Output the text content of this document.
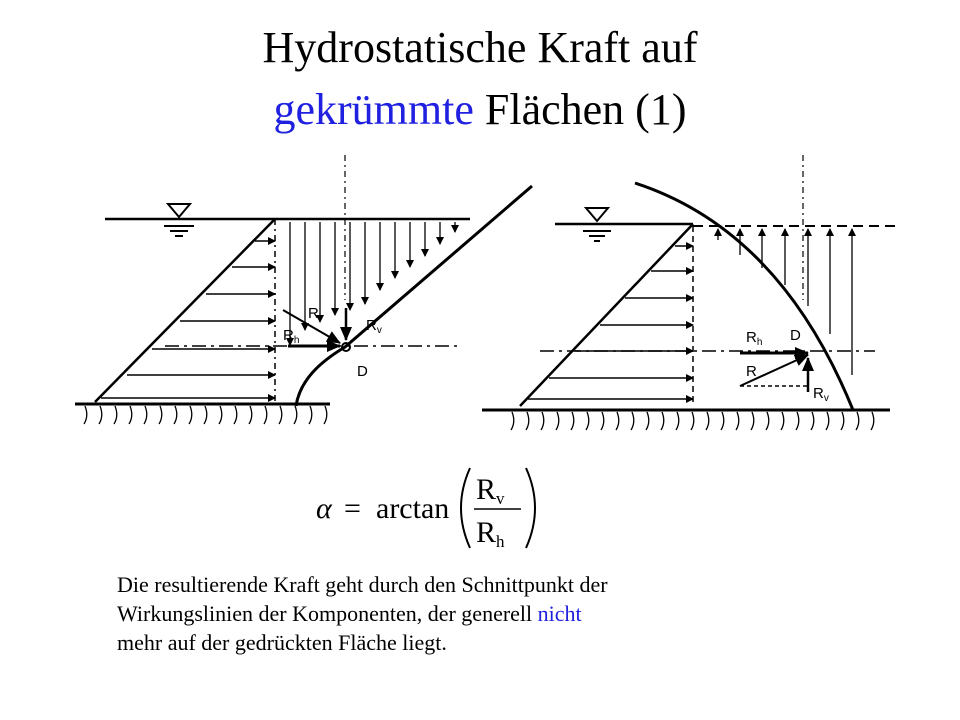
Hydrostatische Kraft auf
gekrümmte Flächen (1)
R
$R_h$
$R_v$
D
$R_h$ D
R
$R_v$
α = arctan
Rv
Rh
Die resultierende Kraft geht durch den Schnittpunkt der
Wirkungslinien der Komponenten, der generell nicht
mehr auf der gedrückten Fläche liegt.
